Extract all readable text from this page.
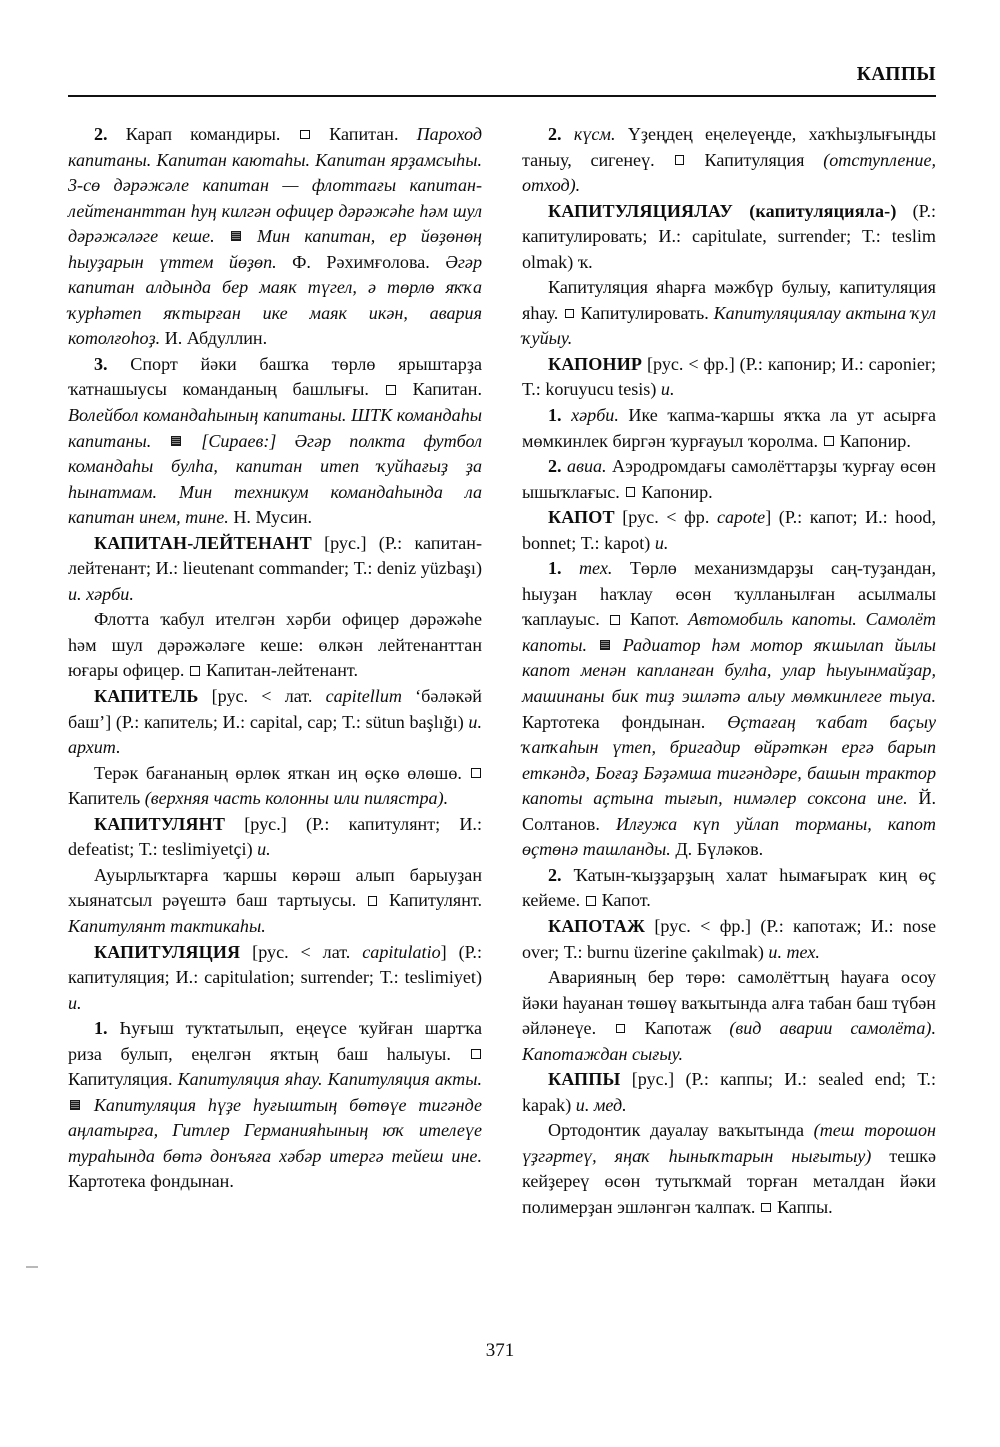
КАППЫ

2. Карап командиры.  Капитан. Пароход капитаны. Капитан каютаһы. Капитан ярҙамсыһы. 3-сө дәрәжәле капитан — флоттағы капитан-лейтенанттан һуң килгән офицер дәрәжәһе һәм шул дәрәжәләге кеше.  Мин капитан, ер йөҙөнөң һыуҙарын үттем йөҙөп. Ф. Рәхимғолова. Әгәр капитан алдында бер маяк түгел, ә төрлө яҡҡа ҡурһәтеп яҡтырған ике маяк икән, авария котолғоһоҙ. И. Абдуллин.

3. Спорт йәки башҡа төрлө ярыштарҙа ҡатнашыусы команданың башлығы.  Капитан. Волейбол командаһының капитаны. ШТК командаһы капитаны.  [Сираев:] Әгәр полкта футбол командаһы булһа, капитан итеп ҡуйһағыҙ ҙа һынатмам. Мин техникум командаһында ла капитан инем, тине. Н. Мусин.

КАПИТАН-ЛЕЙТЕНАНТ [рус.] (Р.: капитан-лейтенант; И.: lieutenant commander; Т.: deniz yüzbaşı) и. хәрби.

Флотта ҡабул ителгән хәрби офицер дәрәжәһе һәм шул дәрәжәләге кеше: өлкән лейтенанттан юғары офицер.  Капитан-лейтенант.

КАПИТЕЛЬ [рус. < лат. capitellum ‘бәләкәй баш’] (Р.: капитель; И.: capital, cap; Т.: sütun başlığı) и. архит.

Терәк бағананың өрлөк яткан иң өҫкө өлөшө.  Капитель (верхняя часть колонны или пилястра).

КАПИТУЛЯНТ [рус.] (Р.: капитулянт; И.: defeatist; Т.: teslimiyetçi) и.

Ауырлыҡтарға ҡаршы көрәш алып барыуҙан хыянатсыл рәүештә баш тартыусы.  Капитулянт. Капитулянт тактикаһы.

КАПИТУЛЯЦИЯ [рус. < лат. capitulatio] (Р.: капитуляция; И.: capitulation; surrender; Т.: teslimiyet) и.

1. Һуғыш туҡтатылып, еңеүсе ҡуйған шартҡа риза булып, еңелгән яҡтың баш һалыуы.  Капитуляция. Капитуляция яһау. Капитуляция акты.  Капитуляция һүҙе һуғыштың бөтөүе тигәнде аңлатырға, Гитлер Германияһының юҡ ителеүе тураһында бөтә донъяға хәбәр итергә тейеш ине. Картотека фондынан.

2. күсм. Үҙеңдең еңелеүеңде, хаҡһыҙлығыңды таныу, сигенеү.  Капитуляция (отступление, отход).

КАПИТУЛЯЦИЯЛАУ (капитуляцияла-) (Р.: капитулировать; И.: capitulate, surrender; Т.: teslim olmak) ҡ.

Капитуляция яһарға мәжбүр булыу, капитуляция яһау.  Капитулировать. Капитуляциялау актына ҡул ҡуйыу.

КАПОНИР [рус. < фр.] (Р.: капонир; И.: caponier; Т.: koruyucu tesis) и.

1. хәрби. Ике ҡапма-ҡаршы яҡҡа ла ут асырға мөмкинлек биргән ҡурғауыл ҡоролма.  Капонир.

2. авиа. Аэродромдағы самолёттарҙы ҡурғау өсөн ышыҡлағыс.  Капонир.

КАПОТ [рус. < фр. capote] (Р.: капот; И.: hood, bonnet; Т.: kapot) и.

1. тех. Төрлө механизмдарҙы саң-туҙандан, һыуҙан һаҡлау өсөн ҡулланылған асылмалы ҡаплауыс.  Капот. Автомобиль капоты. Самолёт капоты.  Радиатор һәм мотор яҡшылап йылы капот менән капланған булһа, улар һыуынмайҙар, машинаны бик тиҙ эшләтә алыу мөмкинлеге тыуа. Картотека фондынан. Өҫтағаң ҡабат баҫыу ҡапҡаһын үтеп, бригадир өйрәткән ергә барып еткәндә, Боғаҙ Бәҙәмша тигәндәре, башын трактор капоты аҫтына тығып, нимәлер соксона ине. Й. Солтанов. Илғужа күп уйлап торманы, капот өҫтөнә ташланды. Д. Бүләков.

2. Ҡатын-ҡыҙҙарҙың халат һымағыраҡ киң өҫ кейеме.  Капот.

КАПОТАЖ [рус. < фр.] (Р.: капотаж; И.: nose over; Т.: burnu üzerine çakılmak) и. тех.

Аварияның бер төрө: самолёттың һауаға осоу йәки һауанан төшөү ваҡытында алға табан баш түбән әйләнеүе.  Капотаж (вид аварии самолёта). Капотаждан сығыу.

КАППЫ [рус.] (Р.: каппы; И.: sealed end; Т.: kapak) и. мед.

Ортодонтик дауалау ваҡытында (теш торошон үҙгәртеү, яңаҡ һыныҡтарын нығытыу) тешкә кейҙереү өсөн тутыҡмай торған металдан йәки полимерҙан эшләнгән ҡалпаҡ.  Каппы.

371
